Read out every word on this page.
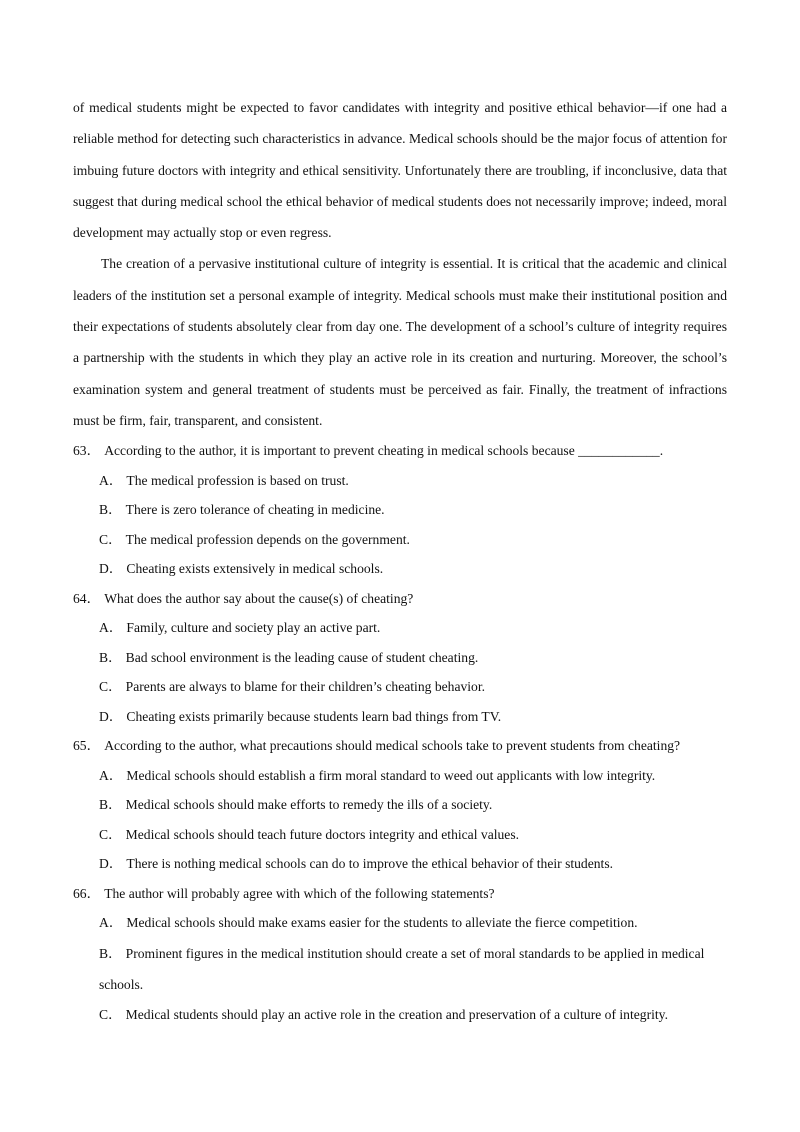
of medical students might be expected to favor candidates with integrity and positive ethical behavior—if one had a reliable method for detecting such characteristics in advance. Medical schools should be the major focus of attention for imbuing future doctors with integrity and ethical sensitivity. Unfortunately there are troubling, if inconclusive, data that suggest that during medical school the ethical behavior of medical students does not necessarily improve; indeed, moral development may actually stop or even regress.

The creation of a pervasive institutional culture of integrity is essential. It is critical that the academic and clinical leaders of the institution set a personal example of integrity. Medical schools must make their institutional position and their expectations of students absolutely clear from day one. The development of a school’s culture of integrity requires a partnership with the students in which they play an active role in its creation and nurturing. Moreover, the school’s examination system and general treatment of students must be perceived as fair. Finally, the treatment of infractions must be firm, fair, transparent, and consistent.

63． According to the author, it is important to prevent cheating in medical schools because ____________.

A． The medical profession is based on trust.
B． There is zero tolerance of cheating in medicine.
C． The medical profession depends on the government.
D． Cheating exists extensively in medical schools.

64． What does the author say about the cause(s) of cheating?

A． Family, culture and society play an active part.
B． Bad school environment is the leading cause of student cheating.
C． Parents are always to blame for their children’s cheating behavior.
D． Cheating exists primarily because students learn bad things from TV.

65． According to the author, what precautions should medical schools take to prevent students from cheating?

A． Medical schools should establish a firm moral standard to weed out applicants with low integrity.
B． Medical schools should make efforts to remedy the ills of a society.
C． Medical schools should teach future doctors integrity and ethical values.
D． There is nothing medical schools can do to improve the ethical behavior of their students.

66． The author will probably agree with which of the following statements?

A． Medical schools should make exams easier for the students to alleviate the fierce competition.
B． Prominent figures in the medical institution should create a set of moral standards to be applied in medical schools.
C． Medical students should play an active role in the creation and preservation of a culture of integrity.
